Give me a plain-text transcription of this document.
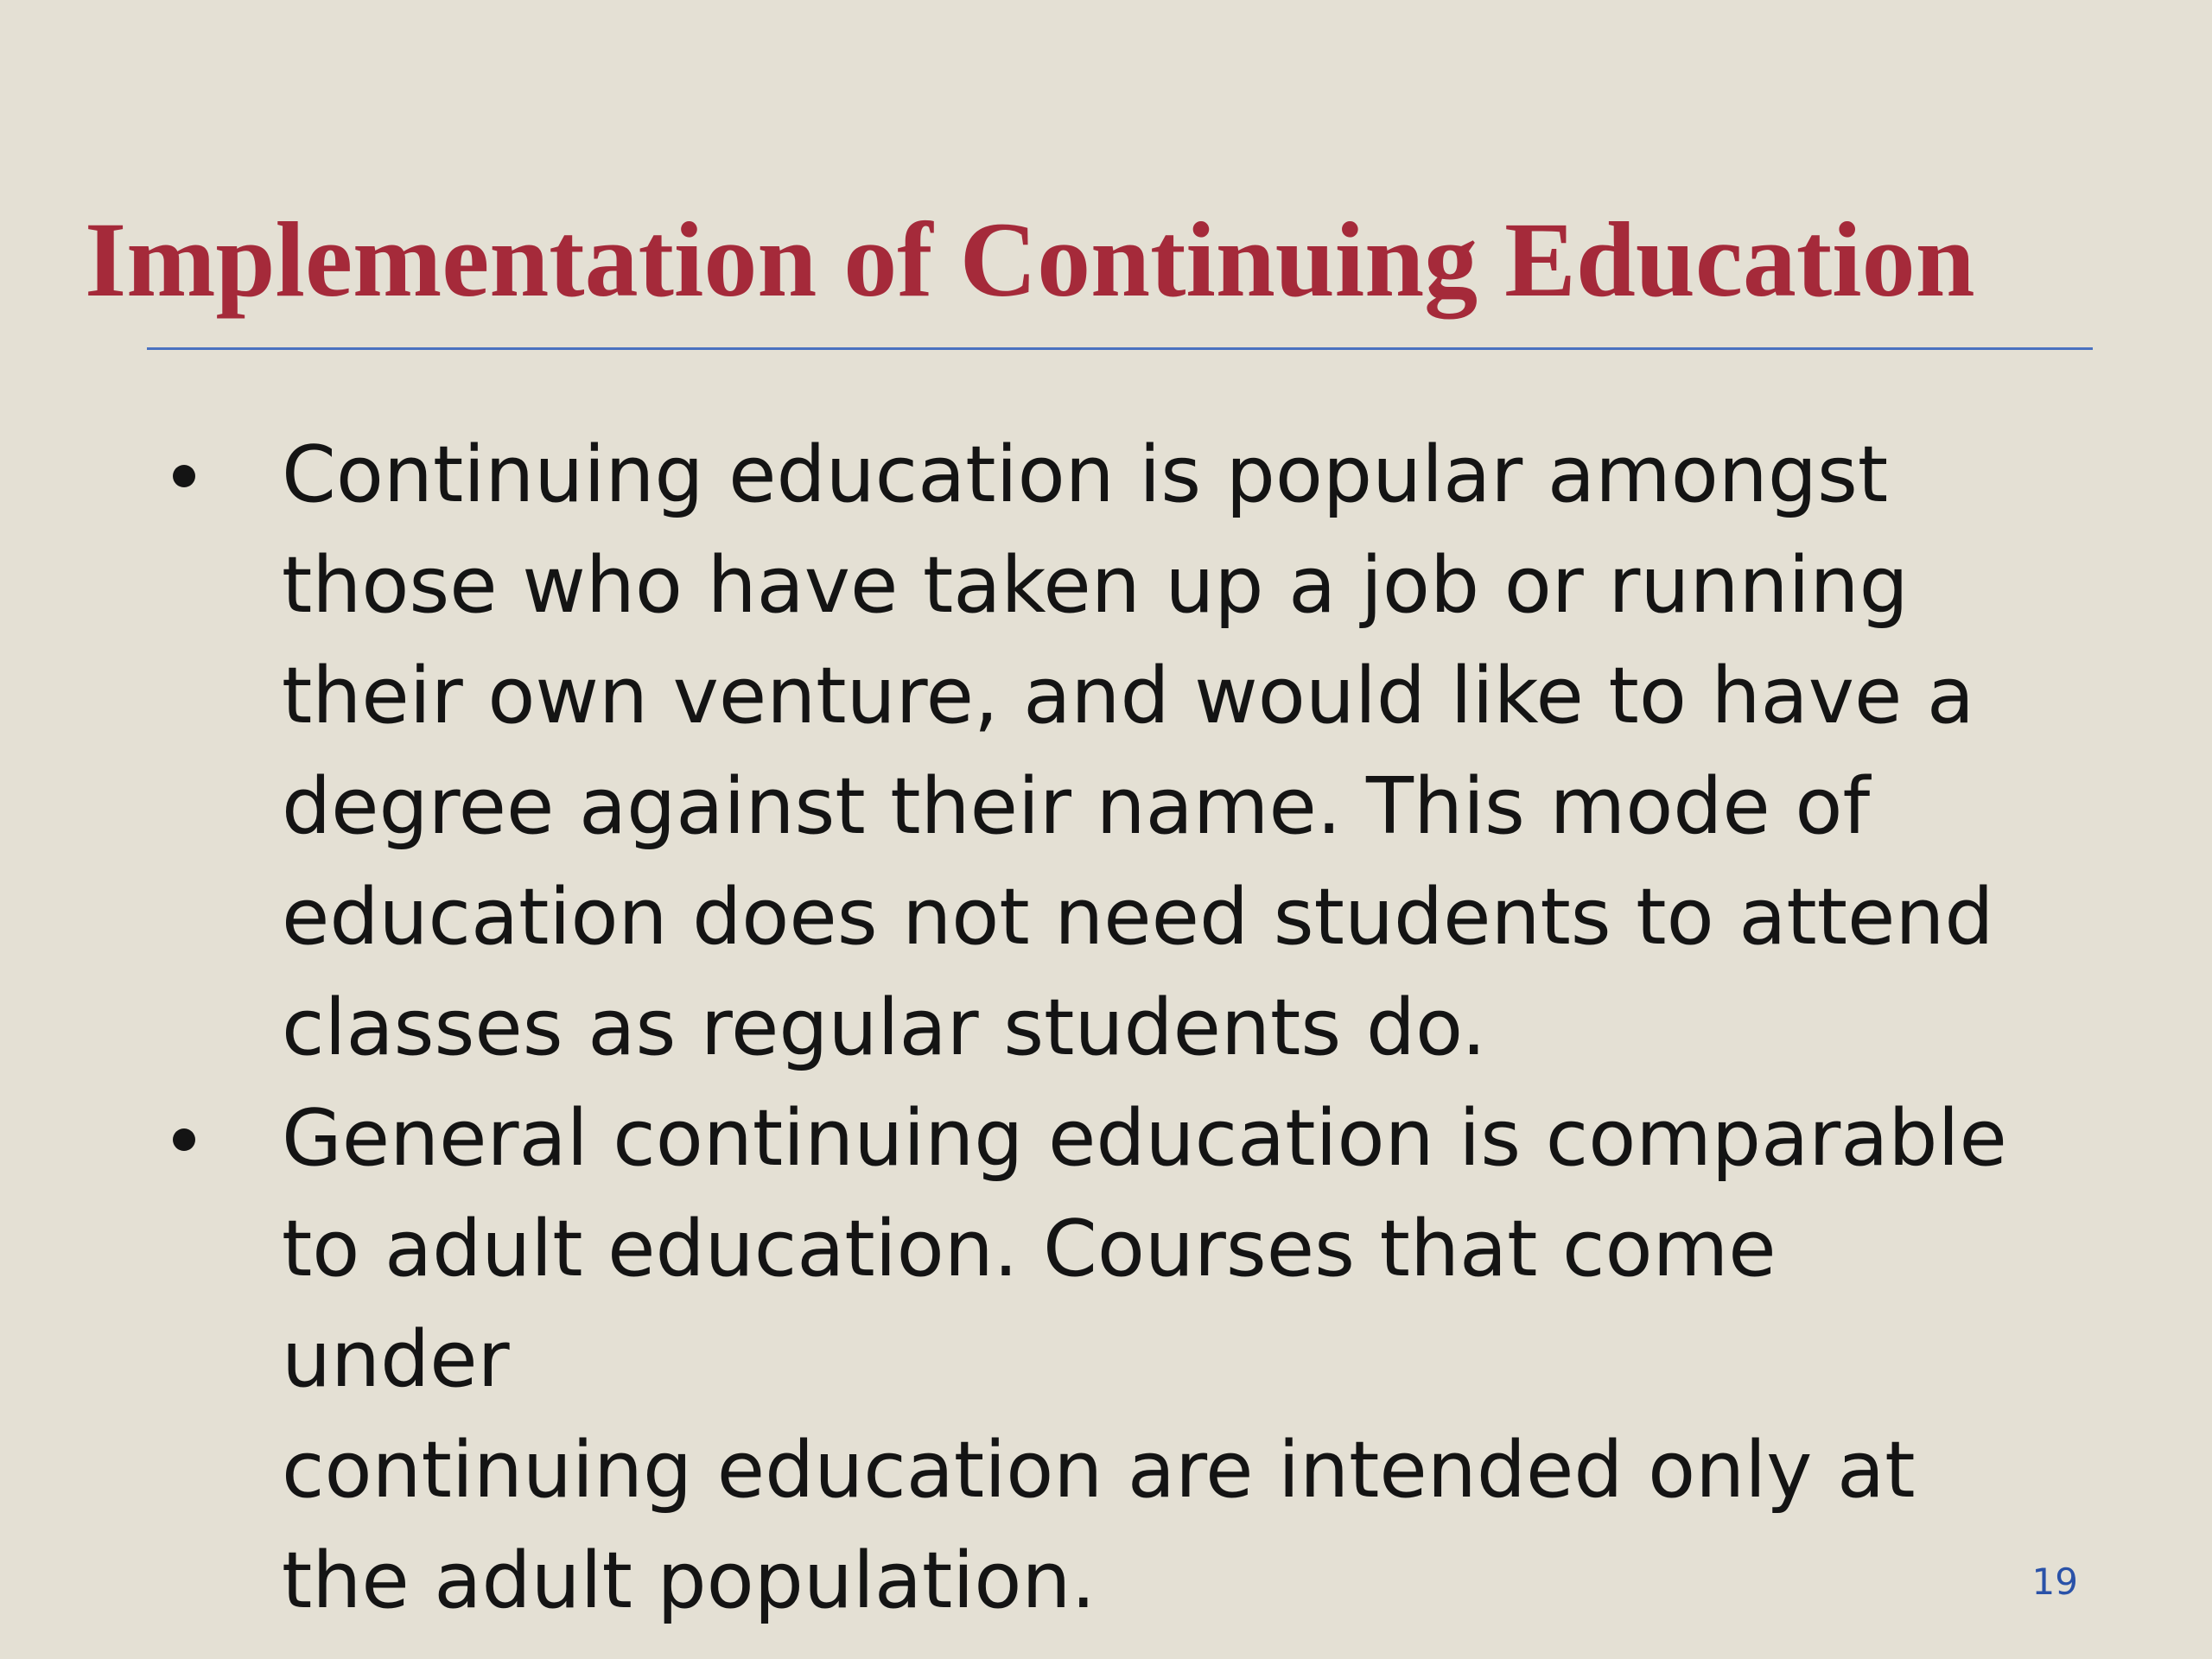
Implementation of Continuing Education
Continuing education is popular amongst
those who have taken up a job or running
their own venture, and would like to have a
degree against their name. This mode of
education does not need students to attend
classes as regular students do.
General continuing education is comparable
to adult education. Courses that come under
continuing education are intended only at
the adult population.	19
